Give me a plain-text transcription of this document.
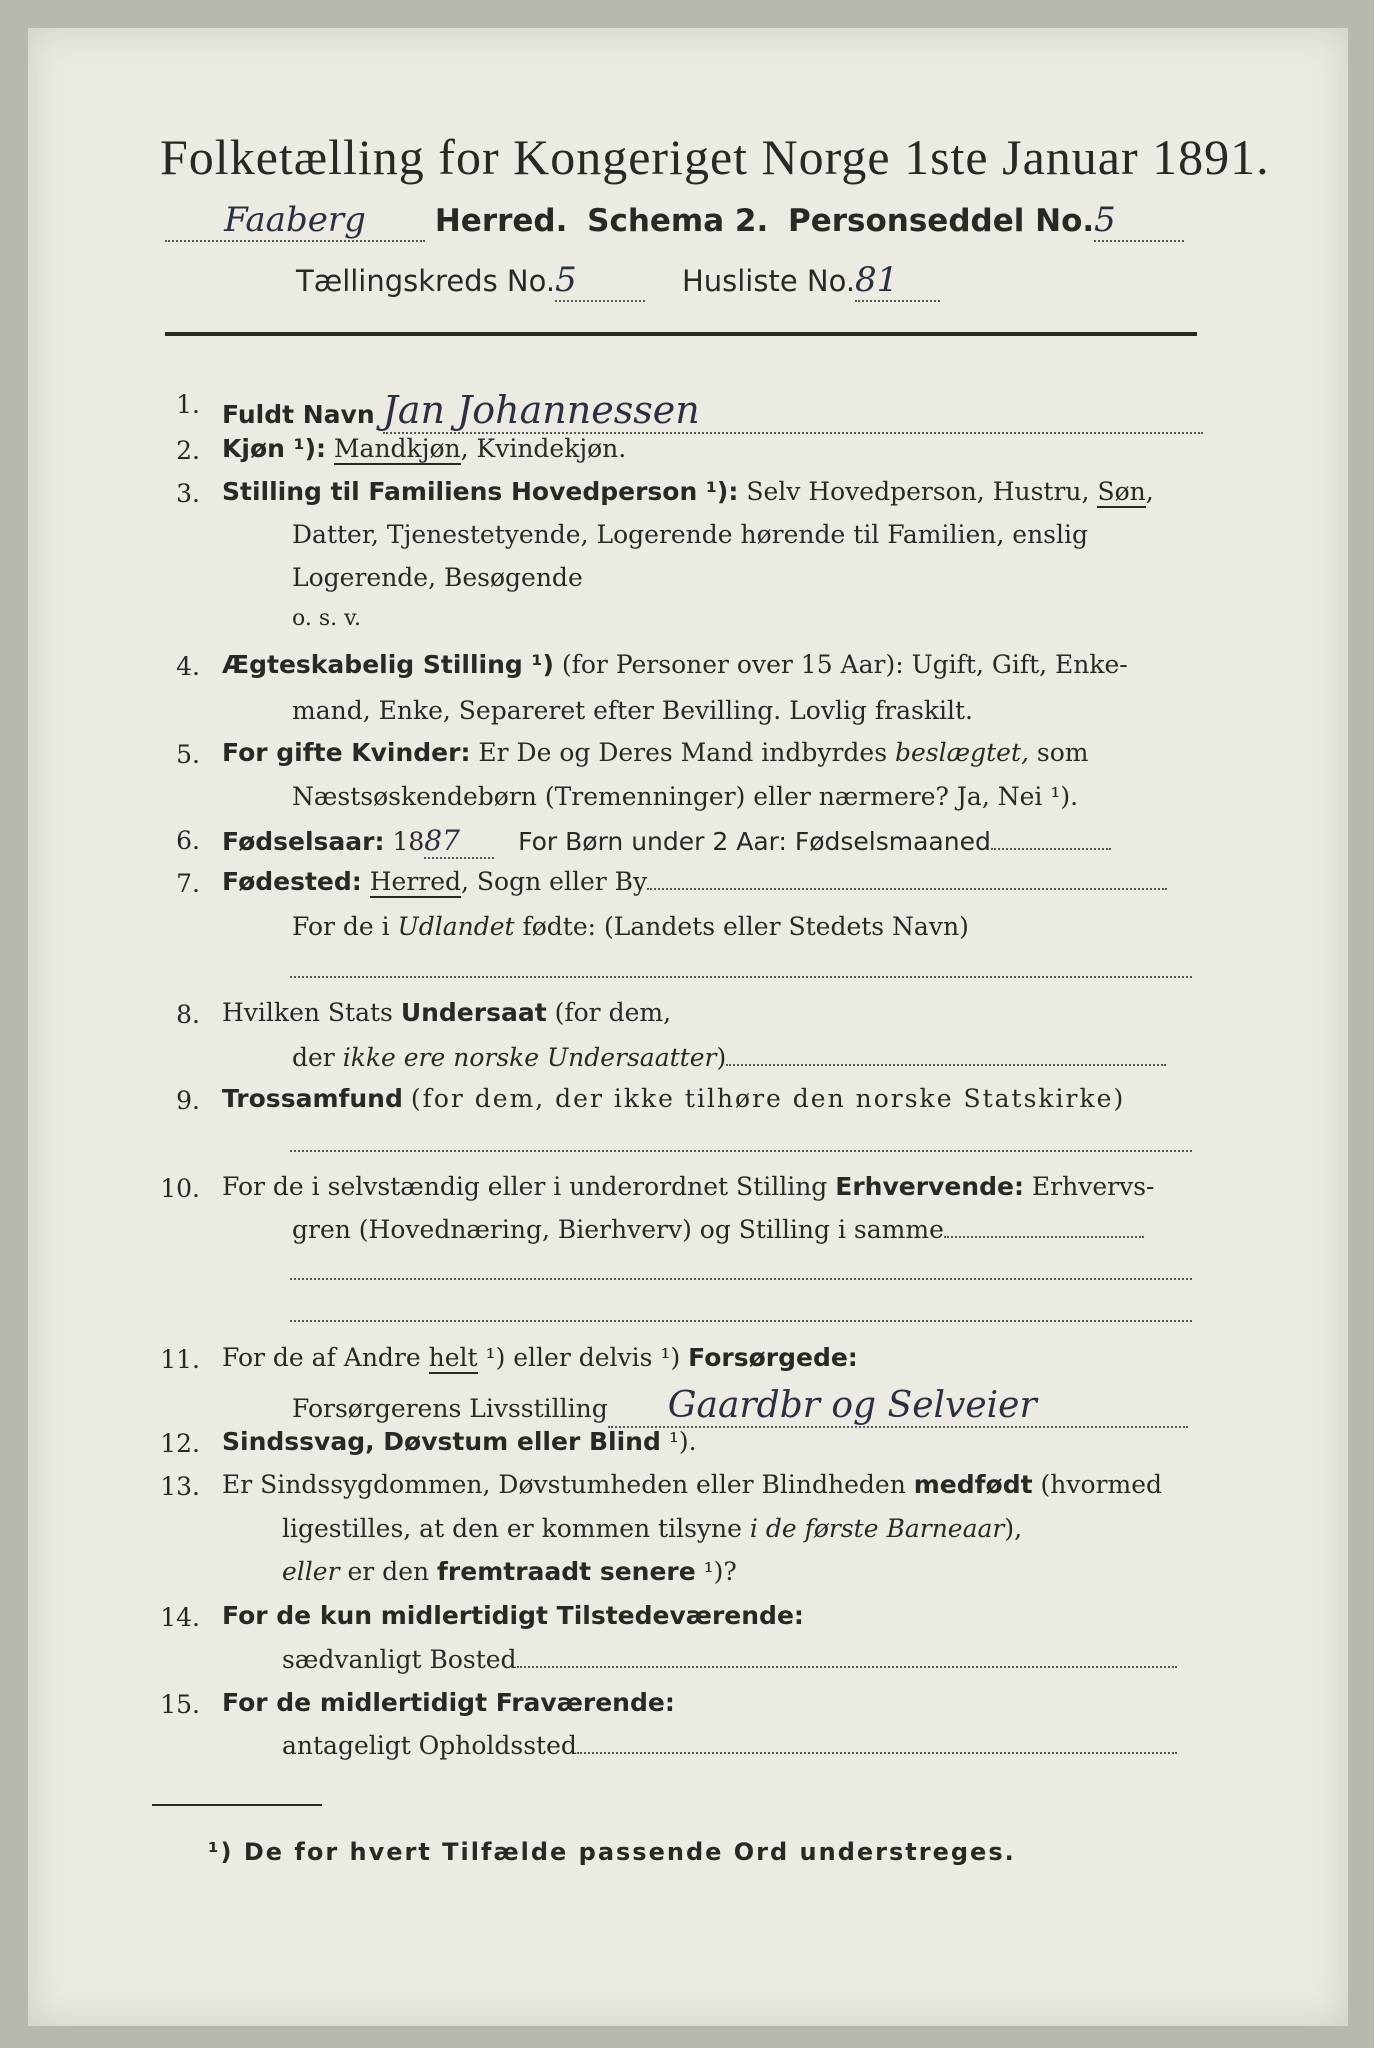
Folketælling for Kongeriget Norge 1ste Januar 1891.
Faaberg Herred. Schema 2. Personseddel No.5
Tællingskreds No.5	Husliste No.81
1. Fuldt Navn Jan Johannessen
2. Kjøn ¹): Mandkjøn, Kvindekjøn.
3. Stilling til Familiens Hovedperson ¹): Selv Hovedperson, Hustru, Søn,
Datter, Tjenestetyende, Logerende hørende til Familien, enslig
Logerende, Besøgende
o. s. v.
4. Ægteskabelig Stilling ¹) (for Personer over 15 Aar): Ugift, Gift, Enke-
mand, Enke, Separeret efter Bevilling. Lovlig fraskilt.
5. For gifte Kvinder: Er De og Deres Mand indbyrdes beslægtet, som
Næstsøskendebørn (Tremenninger) eller nærmere? Ja, Nei ¹).
6. Fødselsaar: 1887 For Børn under 2 Aar: Fødselsmaaned
7. Fødested: Herred, Sogn eller By
For de i Udlandet fødte: (Landets eller Stedets Navn)
8. Hvilken Stats Undersaat (for dem,
der ikke ere norske Undersaatter)
9. Trossamfund (for dem, der ikke tilhøre den norske Statskirke)
10. For de i selvstændig eller i underordnet Stilling Erhvervende: Erhvervs-
gren (Hovednæring, Bierhverv) og Stilling i samme
11. For de af Andre helt ¹) eller delvis ¹) Forsørgede:
Forsørgerens Livsstilling Gaardbr og Selveier
12. Sindssvag, Døvstum eller Blind ¹).
13. Er Sindssygdommen, Døvstumheden eller Blindheden medfødt (hvormed
ligestilles, at den er kommen tilsyne i de første Barneaar),
eller er den fremtraadt senere ¹)?
14. For de kun midlertidigt Tilstedeværende:
sædvanligt Bosted
15. For de midlertidigt Fraværende:
antageligt Opholdssted
¹) De for hvert Tilfælde passende Ord understreges.
